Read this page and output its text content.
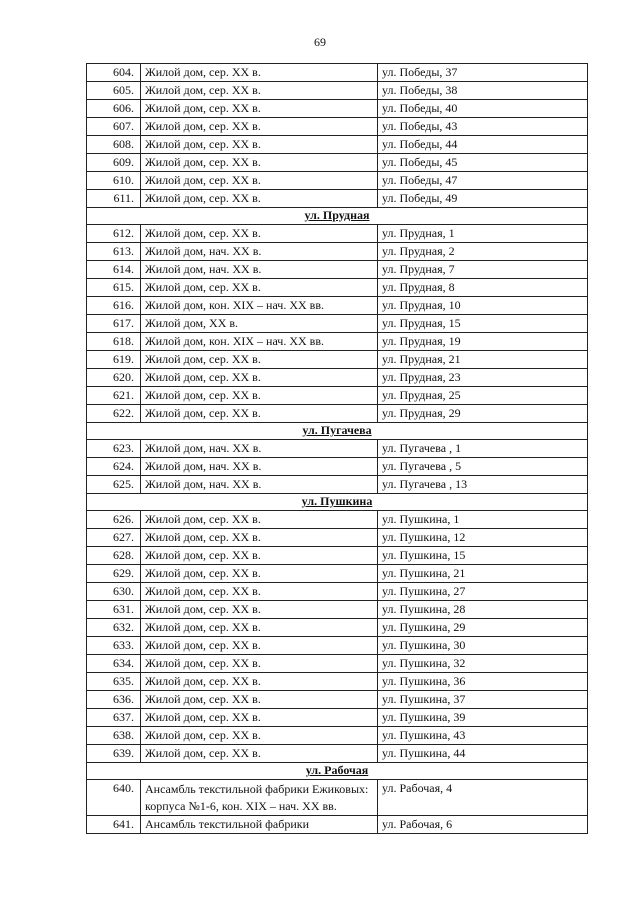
69
604.	Жилой дом, сер. XX в.	ул. Победы, 37
605.	Жилой дом, сер. XX в.	ул. Победы, 38
606.	Жилой дом, сер. XX в.	ул. Победы, 40
607.	Жилой дом, сер. XX в.	ул. Победы, 43
608.	Жилой дом, сер. XX в.	ул. Победы, 44
609.	Жилой дом, сер. XX в.	ул. Победы, 45
610.	Жилой дом, сер. XX в.	ул. Победы, 47
611.	Жилой дом, сер. XX в.	ул. Победы, 49
ул. Прудная		
612.	Жилой дом, сер. XX в.	ул. Прудная, 1
613.	Жилой дом, нач. XX в.	ул. Прудная, 2
614.	Жилой дом, нач. XX в.	ул. Прудная, 7
615.	Жилой дом, сер. XX в.	ул. Прудная, 8
616.	Жилой дом, кон. XIX – нач. XX вв.	ул. Прудная, 10
617.	Жилой дом, XX в.	ул. Прудная, 15
618.	Жилой дом, кон. XIX – нач. XX вв.	ул. Прудная, 19
619.	Жилой дом, сер. XX в.	ул. Прудная, 21
620.	Жилой дом, сер. XX в.	ул. Прудная, 23
621.	Жилой дом, сер. XX в.	ул. Прудная, 25
622.	Жилой дом, сер. XX в.	ул. Прудная, 29
ул. Пугачева		
623.	Жилой дом, нач. XX в.	ул. Пугачева , 1
624.	Жилой дом, нач. XX в.	ул. Пугачева , 5
625.	Жилой дом, нач. XX в.	ул. Пугачева , 13
ул. Пушкина		
626.	Жилой дом, сер. XX в.	ул. Пушкина, 1
627.	Жилой дом, сер. XX в.	ул. Пушкина, 12
628.	Жилой дом, сер. XX в.	ул. Пушкина, 15
629.	Жилой дом, сер. XX в.	ул. Пушкина, 21
630.	Жилой дом, сер. XX в.	ул. Пушкина, 27
631.	Жилой дом, сер. XX в.	ул. Пушкина, 28
632.	Жилой дом, сер. XX в.	ул. Пушкина, 29
633.	Жилой дом, сер. XX в.	ул. Пушкина, 30
634.	Жилой дом, сер. XX в.	ул. Пушкина, 32
635.	Жилой дом, сер. XX в.	ул. Пушкина, 36
636.	Жилой дом, сер. XX в.	ул. Пушкина, 37
637.	Жилой дом, сер. XX в.	ул. Пушкина, 39
638.	Жилой дом, сер. XX в.	ул. Пушкина, 43
639.	Жилой дом, сер. XX в.	ул. Пушкина, 44
ул. Рабочая		
640.	Ансамбль текстильной фабрики Ежиковых: корпуса №1-6, кон. XIX – нач. XX вв.	ул. Рабочая, 4
641.	Ансамбль текстильной фабрики	ул. Рабочая, 6
